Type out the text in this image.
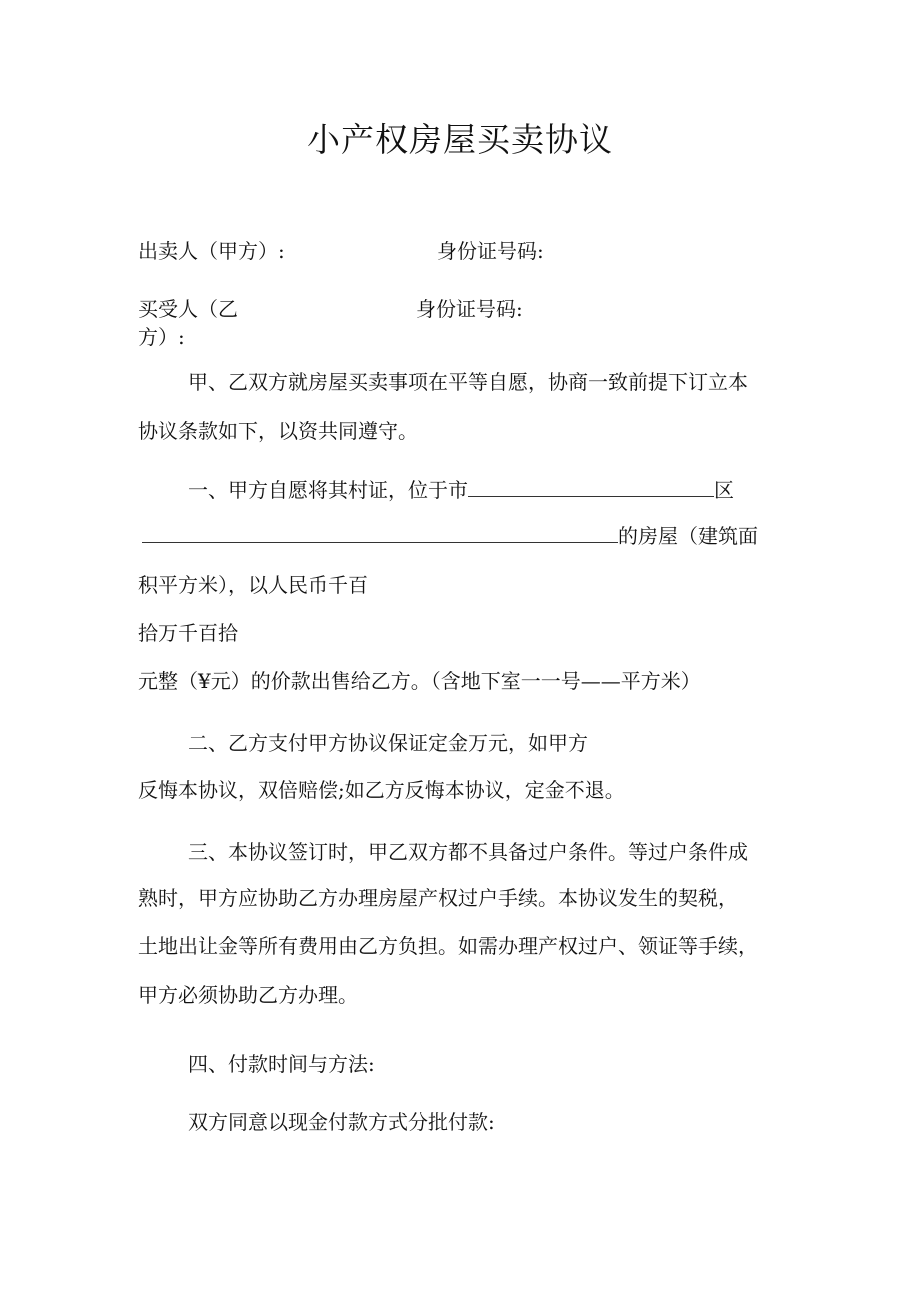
小产权房屋买卖协议
出卖人（甲方）:	身份证号码:
买受人（乙	身份证号码:
方）:
甲、乙双方就房屋买卖事项在平等自愿，协商一致前提下订立本
协议条款如下，以资共同遵守。
一、甲方自愿将其村证，位于市	区
的房屋（建筑面
积平方米），以人民币千百
拾万千百拾
元整（¥元）的价款出售给乙方。（含地下室一一号——平方米）
二、乙方支付甲方协议保证定金万元，如甲方
反悔本协议，双倍赔偿;如乙方反悔本协议，定金不退。
三、本协议签订时，甲乙双方都不具备过户条件。等过户条件成
熟时，甲方应协助乙方办理房屋产权过户手续。本协议发生的契税，
土地出让金等所有费用由乙方负担。如需办理产权过户、领证等手续，
甲方必须协助乙方办理。
四、付款时间与方法:
双方同意以现金付款方式分批付款:
